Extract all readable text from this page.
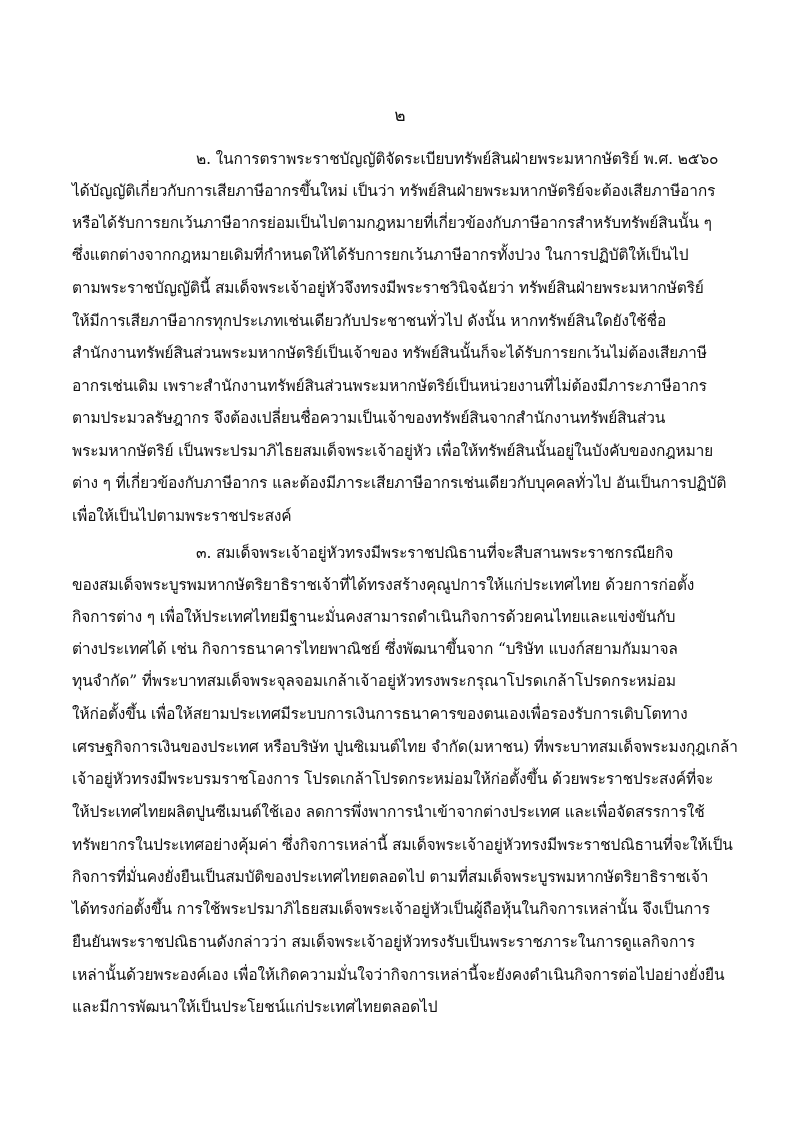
๒
๒. ในการตราพระราชบัญญัติจัดระเบียบทรัพย์สินฝ่ายพระมหากษัตริย์ พ.ศ. ๒๕๖๐
ได้บัญญัติเกี่ยวกับการเสียภาษีอากรขึ้นใหม่ เป็นว่า ทรัพย์สินฝ่ายพระมหากษัตริย์จะต้องเสียภาษีอากร
หรือได้รับการยกเว้นภาษีอากรย่อมเป็นไปตามกฎหมายที่เกี่ยวข้องกับภาษีอากรสำหรับทรัพย์สินนั้น ๆ
ซึ่งแตกต่างจากกฎหมายเดิมที่กำหนดให้ได้รับการยกเว้นภาษีอากรทั้งปวง ในการปฏิบัติให้เป็นไป
ตามพระราชบัญญัตินี้ สมเด็จพระเจ้าอยู่หัวจึงทรงมีพระราชวินิจฉัยว่า ทรัพย์สินฝ่ายพระมหากษัตริย์
ให้มีการเสียภาษีอากรทุกประเภทเช่นเดียวกับประชาชนทั่วไป ดังนั้น หากทรัพย์สินใดยังใช้ชื่อ
สำนักงานทรัพย์สินส่วนพระมหากษัตริย์เป็นเจ้าของ ทรัพย์สินนั้นก็จะได้รับการยกเว้นไม่ต้องเสียภาษี
อากรเช่นเดิม เพราะสำนักงานทรัพย์สินส่วนพระมหากษัตริย์เป็นหน่วยงานที่ไม่ต้องมีภาระภาษีอากร
ตามประมวลรัษฎากร จึงต้องเปลี่ยนชื่อความเป็นเจ้าของทรัพย์สินจากสำนักงานทรัพย์สินส่วน
พระมหากษัตริย์ เป็นพระปรมาภิไธยสมเด็จพระเจ้าอยู่หัว เพื่อให้ทรัพย์สินนั้นอยู่ในบังคับของกฎหมาย
ต่าง ๆ ที่เกี่ยวข้องกับภาษีอากร และต้องมีภาระเสียภาษีอากรเช่นเดียวกับบุคคลทั่วไป อันเป็นการปฏิบัติ
เพื่อให้เป็นไปตามพระราชประสงค์
๓. สมเด็จพระเจ้าอยู่หัวทรงมีพระราชปณิธานที่จะสืบสานพระราชกรณียกิจ
ของสมเด็จพระบูรพมหากษัตริยาธิราชเจ้าที่ได้ทรงสร้างคุณูปการให้แก่ประเทศไทย ด้วยการก่อตั้ง
กิจการต่าง ๆ เพื่อให้ประเทศไทยมีฐานะมั่นคงสามารถดำเนินกิจการด้วยคนไทยและแข่งขันกับ
ต่างประเทศได้ เช่น กิจการธนาคารไทยพาณิชย์ ซึ่งพัฒนาขึ้นจาก “บริษัท แบงก์สยามกัมมาจล
ทุนจำกัด” ที่พระบาทสมเด็จพระจุลจอมเกล้าเจ้าอยู่หัวทรงพระกรุณาโปรดเกล้าโปรดกระหม่อม
ให้ก่อตั้งขึ้น เพื่อให้สยามประเทศมีระบบการเงินการธนาคารของตนเองเพื่อรองรับการเติบโตทาง
เศรษฐกิจการเงินของประเทศ หรือบริษัท ปูนซิเมนต์ไทย จำกัด(มหาชน) ที่พระบาทสมเด็จพระมงกุฎเกล้า
เจ้าอยู่หัวทรงมีพระบรมราชโองการ โปรดเกล้าโปรดกระหม่อมให้ก่อตั้งขึ้น ด้วยพระราชประสงค์ที่จะ
ให้ประเทศไทยผลิตปูนซีเมนต์ใช้เอง ลดการพึ่งพาการนำเข้าจากต่างประเทศ และเพื่อจัดสรรการใช้
ทรัพยากรในประเทศอย่างคุ้มค่า ซึ่งกิจการเหล่านี้ สมเด็จพระเจ้าอยู่หัวทรงมีพระราชปณิธานที่จะให้เป็น
กิจการที่มั่นคงยั่งยืนเป็นสมบัติของประเทศไทยตลอดไป ตามที่สมเด็จพระบูรพมหากษัตริยาธิราชเจ้า
ได้ทรงก่อตั้งขึ้น การใช้พระปรมาภิไธยสมเด็จพระเจ้าอยู่หัวเป็นผู้ถือหุ้นในกิจการเหล่านั้น จึงเป็นการ
ยืนยันพระราชปณิธานดังกล่าวว่า สมเด็จพระเจ้าอยู่หัวทรงรับเป็นพระราชภาระในการดูแลกิจการ
เหล่านั้นด้วยพระองค์เอง เพื่อให้เกิดความมั่นใจว่ากิจการเหล่านี้จะยังคงดำเนินกิจการต่อไปอย่างยั่งยืน
และมีการพัฒนาให้เป็นประโยชน์แก่ประเทศไทยตลอดไป
